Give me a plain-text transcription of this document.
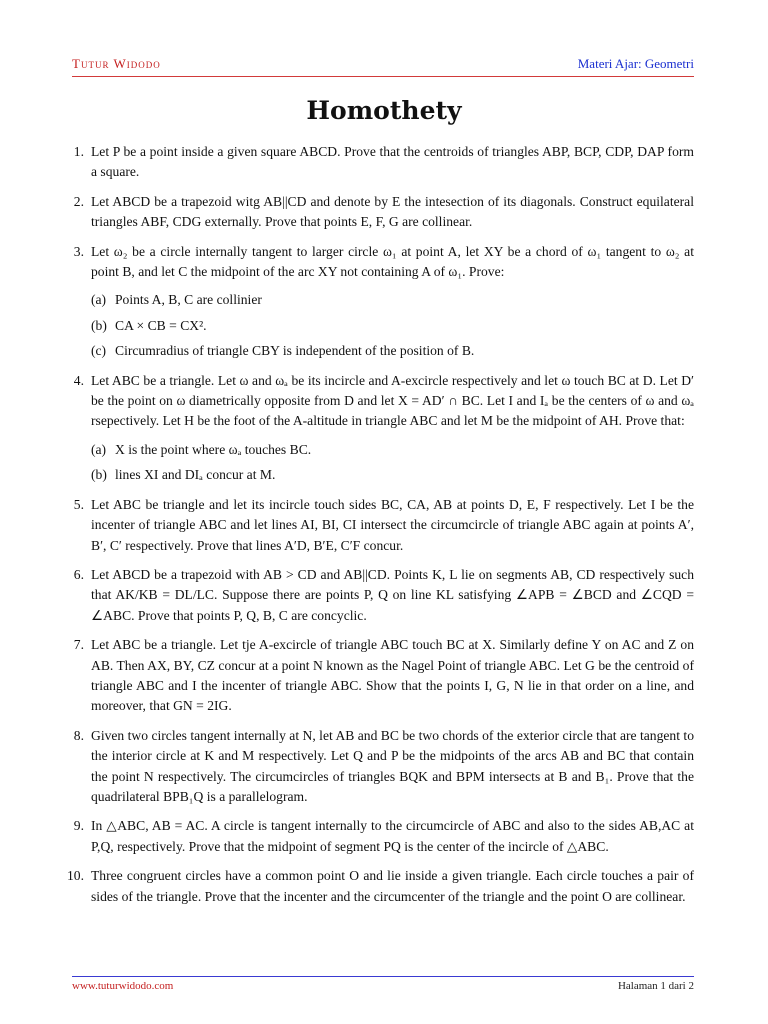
Tutur Widodo	Materi Ajar: Geometri
Homothety
1. Let P be a point inside a given square ABCD. Prove that the centroids of triangles ABP, BCP, CDP, DAP form a square.
2. Let ABCD be a trapezoid witg AB||CD and denote by E the intesection of its diagonals. Construct equilateral triangles ABF, CDG externally. Prove that points E, F, G are collinear.
3. Let ω₂ be a circle internally tangent to larger circle ω₁ at point A, let XY be a chord of ω₁ tangent to ω₂ at point B, and let C the midpoint of the arc XY not containing A of ω₁. Prove:
(a) Points A, B, C are collinier
(b) CA × CB = CX².
(c) Circumradius of triangle CBY is independent of the position of B.
4. Let ABC be a triangle. Let ω and ωₐ be its incircle and A-excircle respectively and let ω touch BC at D. Let D′ be the point on ω diametrically opposite from D and let X = AD′ ∩ BC. Let I and Iₐ be the centers of ω and ωₐ rsepectively. Let H be the foot of the A-altitude in triangle ABC and let M be the midpoint of AH. Prove that:
(a) X is the point where ωₐ touches BC.
(b) lines XI and DIₐ concur at M.
5. Let ABC be triangle and let its incircle touch sides BC, CA, AB at points D, E, F respectively. Let I be the incenter of triangle ABC and let lines AI, BI, CI intersect the circumcircle of triangle ABC again at points A′, B′, C′ respectively. Prove that lines A′D, B′E, C′F concur.
6. Let ABCD be a trapezoid with AB > CD and AB||CD. Points K, L lie on segments AB, CD respectively such that AK/KB = DL/LC. Suppose there are points P, Q on line KL satisfying ∠APB = ∠BCD and ∠CQD = ∠ABC. Prove that points P, Q, B, C are concyclic.
7. Let ABC be a triangle. Let tje A-excircle of triangle ABC touch BC at X. Similarly define Y on AC and Z on AB. Then AX, BY, CZ concur at a point N known as the Nagel Point of triangle ABC. Let G be the centroid of triangle ABC and I the incenter of triangle ABC. Show that the points I, G, N lie in that order on a line, and moreover, that GN = 2IG.
8. Given two circles tangent internally at N, let AB and BC be two chords of the exterior circle that are tangent to the interior circle at K and M respectively. Let Q and P be the midpoints of the arcs AB and BC that contain the point N respectively. The circumcircles of triangles BQK and BPM intersects at B and B₁. Prove that the quadrilateral BPB₁Q is a parallelogram.
9. In △ABC, AB = AC. A circle is tangent internally to the circumcircle of ABC and also to the sides AB,AC at P,Q, respectively. Prove that the midpoint of segment PQ is the center of the incircle of △ABC.
10. Three congruent circles have a common point O and lie inside a given triangle. Each circle touches a pair of sides of the triangle. Prove that the incenter and the circumcenter of the triangle and the point O are collinear.
www.tuturwidodo.com	Halaman 1 dari 2
